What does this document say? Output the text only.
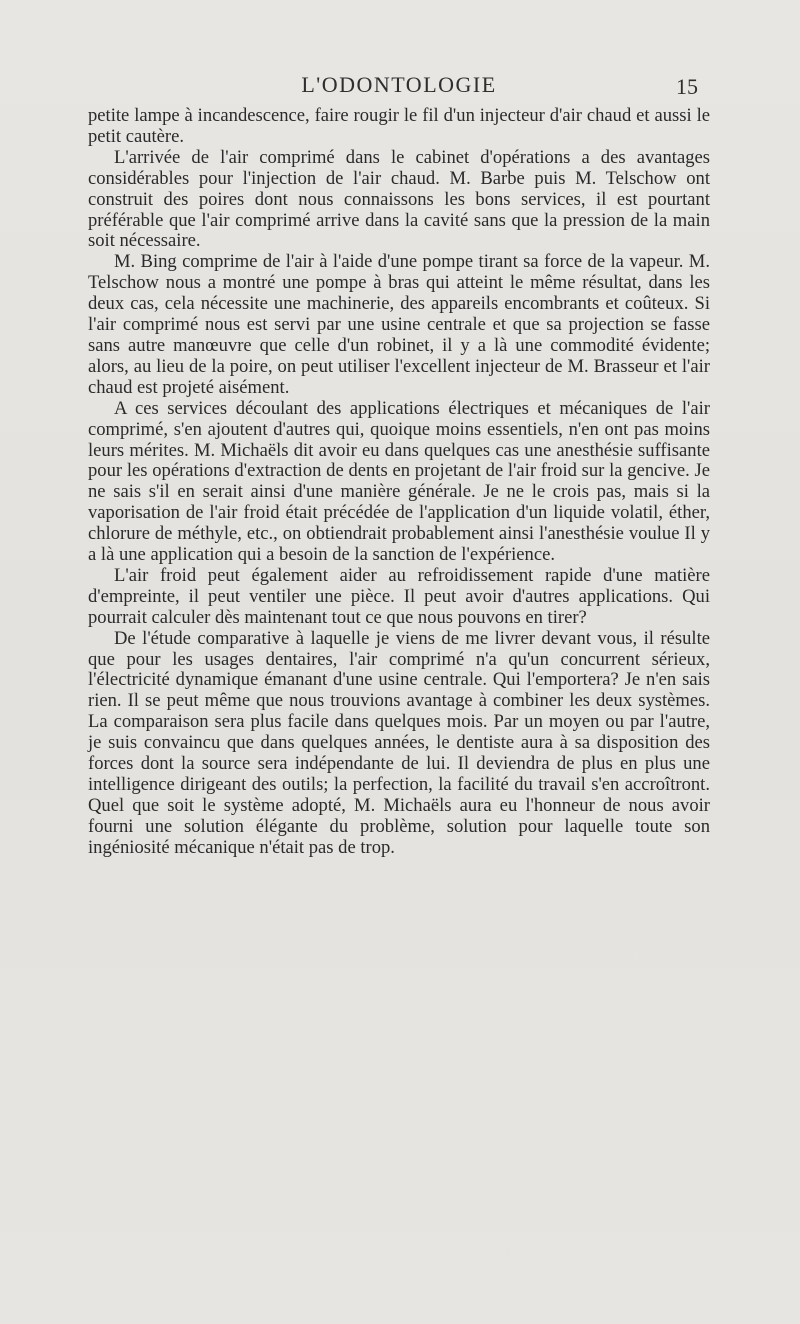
L'ODONTOLOGIE	15

petite lampe à incandescence, faire rougir le fil d'un injecteur d'air chaud et aussi le petit cautère.

L'arrivée de l'air comprimé dans le cabinet d'opérations a des avantages considérables pour l'injection de l'air chaud. M. Barbe puis M. Telschow ont construit des poires dont nous connaissons les bons services, il est pourtant préférable que l'air comprimé arrive dans la cavité sans que la pression de la main soit nécessaire.

M. Bing comprime de l'air à l'aide d'une pompe tirant sa force de la vapeur. M. Telschow nous a montré une pompe à bras qui atteint le même résultat, dans les deux cas, cela nécessite une machinerie, des appareils encombrants et coûteux. Si l'air comprimé nous est servi par une usine centrale et que sa projection se fasse sans autre manœuvre que celle d'un robinet, il y a là une commodité évidente; alors, au lieu de la poire, on peut utiliser l'excellent injecteur de M. Brasseur et l'air chaud est projeté aisément.

A ces services découlant des applications électriques et mécaniques de l'air comprimé, s'en ajoutent d'autres qui, quoique moins essentiels, n'en ont pas moins leurs mérites. M. Michaëls dit avoir eu dans quelques cas une anesthésie suffisante pour les opérations d'extraction de dents en projetant de l'air froid sur la gencive. Je ne sais s'il en serait ainsi d'une manière générale. Je ne le crois pas, mais si la vaporisation de l'air froid était précédée de l'application d'un liquide volatil, éther, chlorure de méthyle, etc., on obtiendrait probablement ainsi l'anesthésie voulue Il y a là une application qui a besoin de la sanction de l'expérience.

L'air froid peut également aider au refroidissement rapide d'une matière d'empreinte, il peut ventiler une pièce. Il peut avoir d'autres applications. Qui pourrait calculer dès maintenant tout ce que nous pouvons en tirer?

De l'étude comparative à laquelle je viens de me livrer devant vous, il résulte que pour les usages dentaires, l'air comprimé n'a qu'un concurrent sérieux, l'électricité dynamique émanant d'une usine centrale. Qui l'emportera? Je n'en sais rien. Il se peut même que nous trouvions avantage à combiner les deux systèmes. La comparaison sera plus facile dans quelques mois. Par un moyen ou par l'autre, je suis convaincu que dans quelques années, le dentiste aura à sa disposition des forces dont la source sera indépendante de lui. Il deviendra de plus en plus une intelligence dirigeant des outils; la perfection, la facilité du travail s'en accroîtront. Quel que soit le système adopté, M. Michaëls aura eu l'honneur de nous avoir fourni une solution élégante du problème, solution pour laquelle toute son ingéniosité mécanique n'était pas de trop.
